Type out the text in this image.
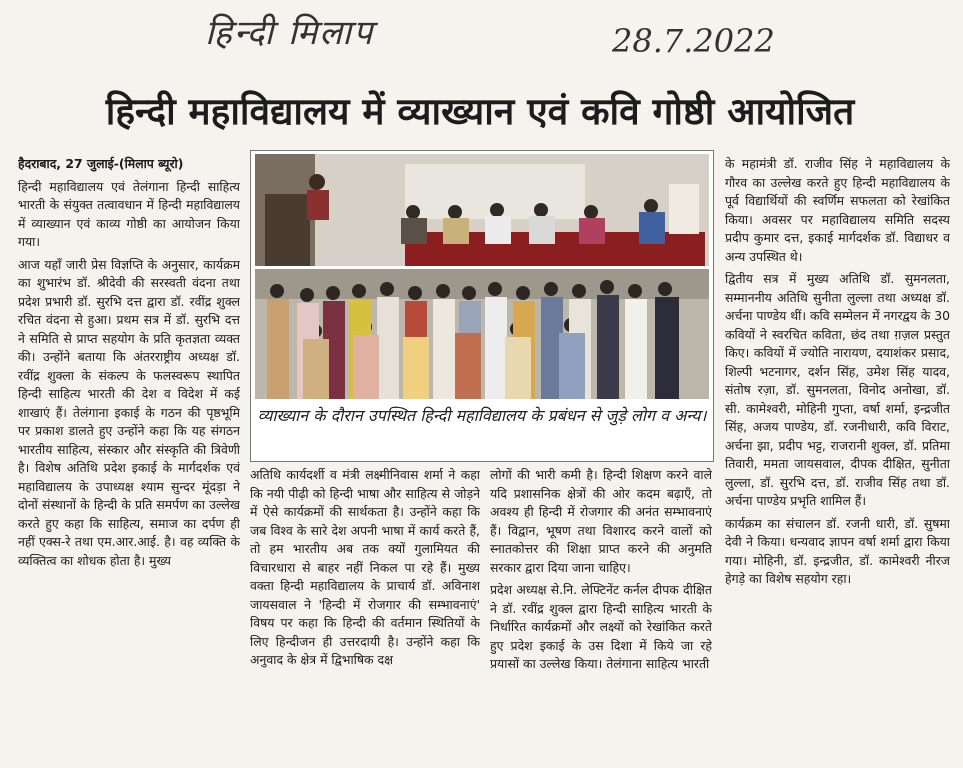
हिन्दी मिलाप	28.7.2022
हिन्दी महाविद्यालय में व्याख्यान एवं कवि गोष्ठी आयोजित

हैदराबाद, 27 जुलाई-(मिलाप ब्यूरो)

हिन्दी महाविद्यालय एवं तेलंगाना हिन्दी साहित्य भारती के संयुक्त तत्वावधान में हिन्दी महाविद्यालय में व्याख्यान एवं काव्य गोष्ठी का आयोजन किया गया।

आज यहाँ जारी प्रेस विज्ञप्ति के अनुसार, कार्यक्रम का शुभारंभ डॉ. श्रीदेवी की सरस्वती वंदना तथा प्रदेश प्रभारी डॉ. सुरभि दत्त द्वारा डॉ. रवींद्र शुक्ल रचित वंदना से हुआ। प्रथम सत्र में डॉ. सुरभि दत्त ने समिति से प्राप्त सहयोग के प्रति कृतज्ञता व्यक्त की। उन्होंने बताया कि अंतरराष्ट्रीय अध्यक्ष डॉ. रवींद्र शुक्ला के संकल्प के फलस्वरूप स्थापित हिन्दी साहित्य भारती की देश व विदेश में कई शाखाएं हैं। तेलंगाना इकाई के गठन की पृष्ठभूमि पर प्रकाश डालते हुए उन्होंने कहा कि यह संगठन भारतीय साहित्य, संस्कार और संस्कृति की त्रिवेणी है। विशेष अतिथि प्रदेश इकाई के मार्गदर्शक एवं महाविद्यालय के उपाध्यक्ष श्याम सुन्दर मूंदड़ा ने दोनों संस्थानों के हिन्दी के प्रति समर्पण का उल्लेख करते हुए कहा कि साहित्य, समाज का दर्पण ही नहीं एक्स-रे तथा एम.आर.आई. है। वह व्यक्ति के व्यक्तित्व का शोधक होता है। मुख्य

व्याख्यान के दौरान उपस्थित हिन्दी महाविद्यालय के प्रबंधन से जुड़े लोग व अन्य।

अतिथि कार्यदर्शी व मंत्री लक्ष्मीनिवास शर्मा ने कहा कि नयी पीढ़ी को हिन्दी भाषा और साहित्य से जोड़ने में ऐसे कार्यक्रमों की सार्थकता है। उन्होंने कहा कि जब विश्व के सारे देश अपनी भाषा में कार्य करते हैं, तो हम भारतीय अब तक क्यों गुलामियत की विचारधारा से बाहर नहीं निकल पा रहे हैं। मुख्य वक्ता हिन्दी महाविद्यालय के प्राचार्य डॉ. अविनाश जायसवाल ने 'हिन्दी में रोजगार की सम्भावनाएं' विषय पर कहा कि हिन्दी की वर्तमान स्थितियों के लिए हिन्दीजन ही उत्तरदायी है। उन्होंने कहा कि अनुवाद के क्षेत्र में द्विभाषिक दक्ष

लोगों की भारी कमी है। हिन्दी शिक्षण करने वाले यदि प्रशासनिक क्षेत्रों की ओर कदम बढ़ाएँ, तो अवश्य ही हिन्दी में रोजगार की अनंत सम्भावनाएं हैं। विद्वान, भूषण तथा विशारद करने वालों को स्नातकोत्तर की शिक्षा प्राप्त करने की अनुमति सरकार द्वारा दिया जाना चाहिए।

प्रदेश अध्यक्ष से.नि. लेफ्टिनेंट कर्नल दीपक दीक्षित ने डॉ. रवींद्र शुक्ल द्वारा हिन्दी साहित्य भारती के निर्धारित कार्यक्रमों और लक्ष्यों को रेखांकित करते हुए प्रदेश इकाई के उस दिशा में किये जा रहे प्रयासों का उल्लेख किया। तेलंगाना साहित्य भारती

के महामंत्री डॉ. राजीव सिंह ने महाविद्यालय के गौरव का उल्लेख करते हुए हिन्दी महाविद्यालय के पूर्व विद्यार्थियों की स्वर्णिम सफलता को रेखांकित किया। अवसर पर महाविद्यालय समिति सदस्य प्रदीप कुमार दत्त, इकाई मार्गदर्शक डॉ. विद्याधर व अन्य उपस्थित थे।

द्वितीय सत्र में मुख्य अतिथि डॉ. सुमनलता, सम्माननीय अतिथि सुनीता लुल्ला तथा अध्यक्ष डॉ. अर्चना पाण्डेय थीं। कवि सम्मेलन में नगरद्वय के 30 कवियों ने स्वरचित कविता, छंद तथा ग़ज़ल प्रस्तुत किए। कवियों में ज्योति नारायण, दयाशंकर प्रसाद, शिल्पी भटनागर, दर्शन सिंह, उमेश सिंह यादव, संतोष रज़ा, डॉ. सुमनलता, विनोद अनोखा, डॉ. सी. कामेश्वरी, मोहिनी गुप्ता, वर्षा शर्मा, इन्द्रजीत सिंह, अजय पाण्डेय, डॉ. रजनीधारी, कवि विराट, अर्चना झा, प्रदीप भट्ट, राजरानी शुक्ल, डॉ. प्रतिमा तिवारी, ममता जायसवाल, दीपक दीक्षित, सुनीता लुल्ला, डॉ. सुरभि दत्त, डॉ. राजीव सिंह तथा डॉ. अर्चना पाण्डेय प्रभृति शामिल हैं।

कार्यक्रम का संचालन डॉ. रजनी धारी, डॉ. सुषमा देवी ने किया। धन्यवाद ज्ञापन वर्षा शर्मा द्वारा किया गया। मोहिनी, डॉ. इन्द्रजीत, डॉ. कामेश्वरी नीरज हेगड़े का विशेष सहयोग रहा।
